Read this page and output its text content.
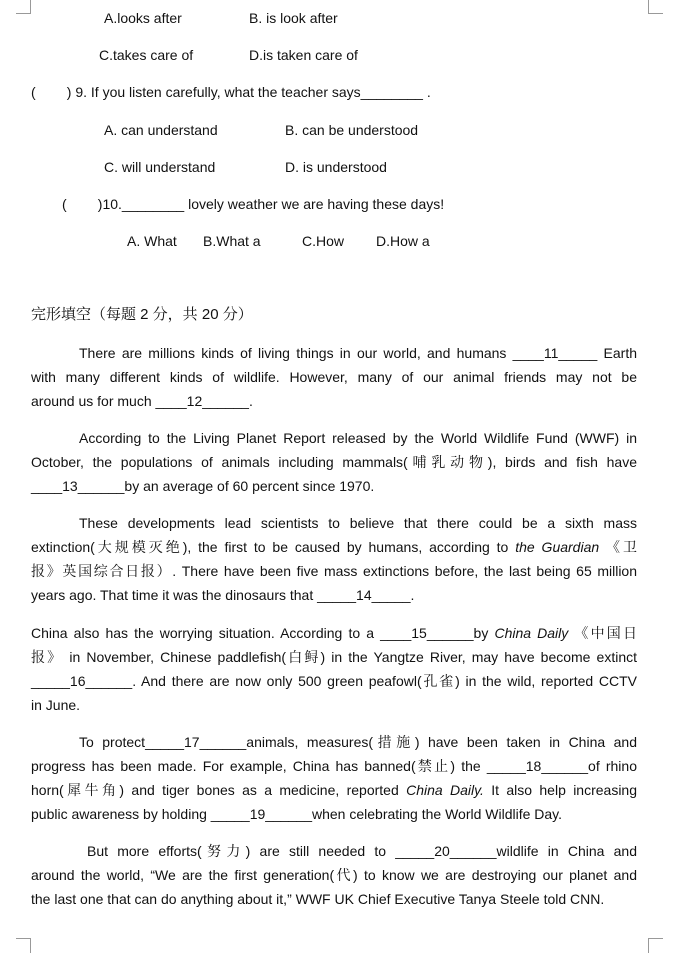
A.looks after	B. is look after
C.takes care of	D.is taken care of
(        ) 9. If you listen carefully, what the teacher says________ .
A. can understand	B. can be understood
C. will understand	D. is understood
(        )10.________ lovely weather we are having these days!
A. What B.What a	C.How D.How a
完形填空（每题 2 分，共 20 分）
There are millions kinds of living things in our world, and humans ____11_____ Earth
with many different kinds of wildlife. However, many of our animal friends may not be
around us for much ____12______.
According to the Living Planet Report released by the World Wildlife Fund (WWF) in
October, the populations of animals including mammals(哺乳动物), birds and fish have
____13______by an average of 60 percent since 1970.
These developments lead scientists to believe that there could be a sixth mass
extinction(大规模灭绝), the first to be caused by humans, according to the Guardian 《卫
报》英国综合日报）. There have been five mass extinctions before, the last being 65 million
years ago. That time it was the dinosaurs that _____14_____.
China also has the worrying situation. According to a ____15______by China Daily 《中国日
报》 in November, Chinese paddlefish(白鲟) in the Yangtze River, may have become extinct
_____16______. And there are now only 500 green peafowl(孔雀) in the wild, reported CCTV
in June.
To protect_____17______animals, measures(措施) have been taken in China and
progress has been made. For example, China has banned(禁止) the _____18______of rhino
horn(犀牛角) and tiger bones as a medicine, reported China Daily. It also help increasing
public awareness by holding _____19______when celebrating the World Wildlife Day.
But more efforts(努力) are still needed to _____20______wildlife in China and
around the world, “We are the first generation(代) to know we are destroying our planet and
the last one that can do anything about it,” WWF UK Chief Executive Tanya Steele told CNN.
